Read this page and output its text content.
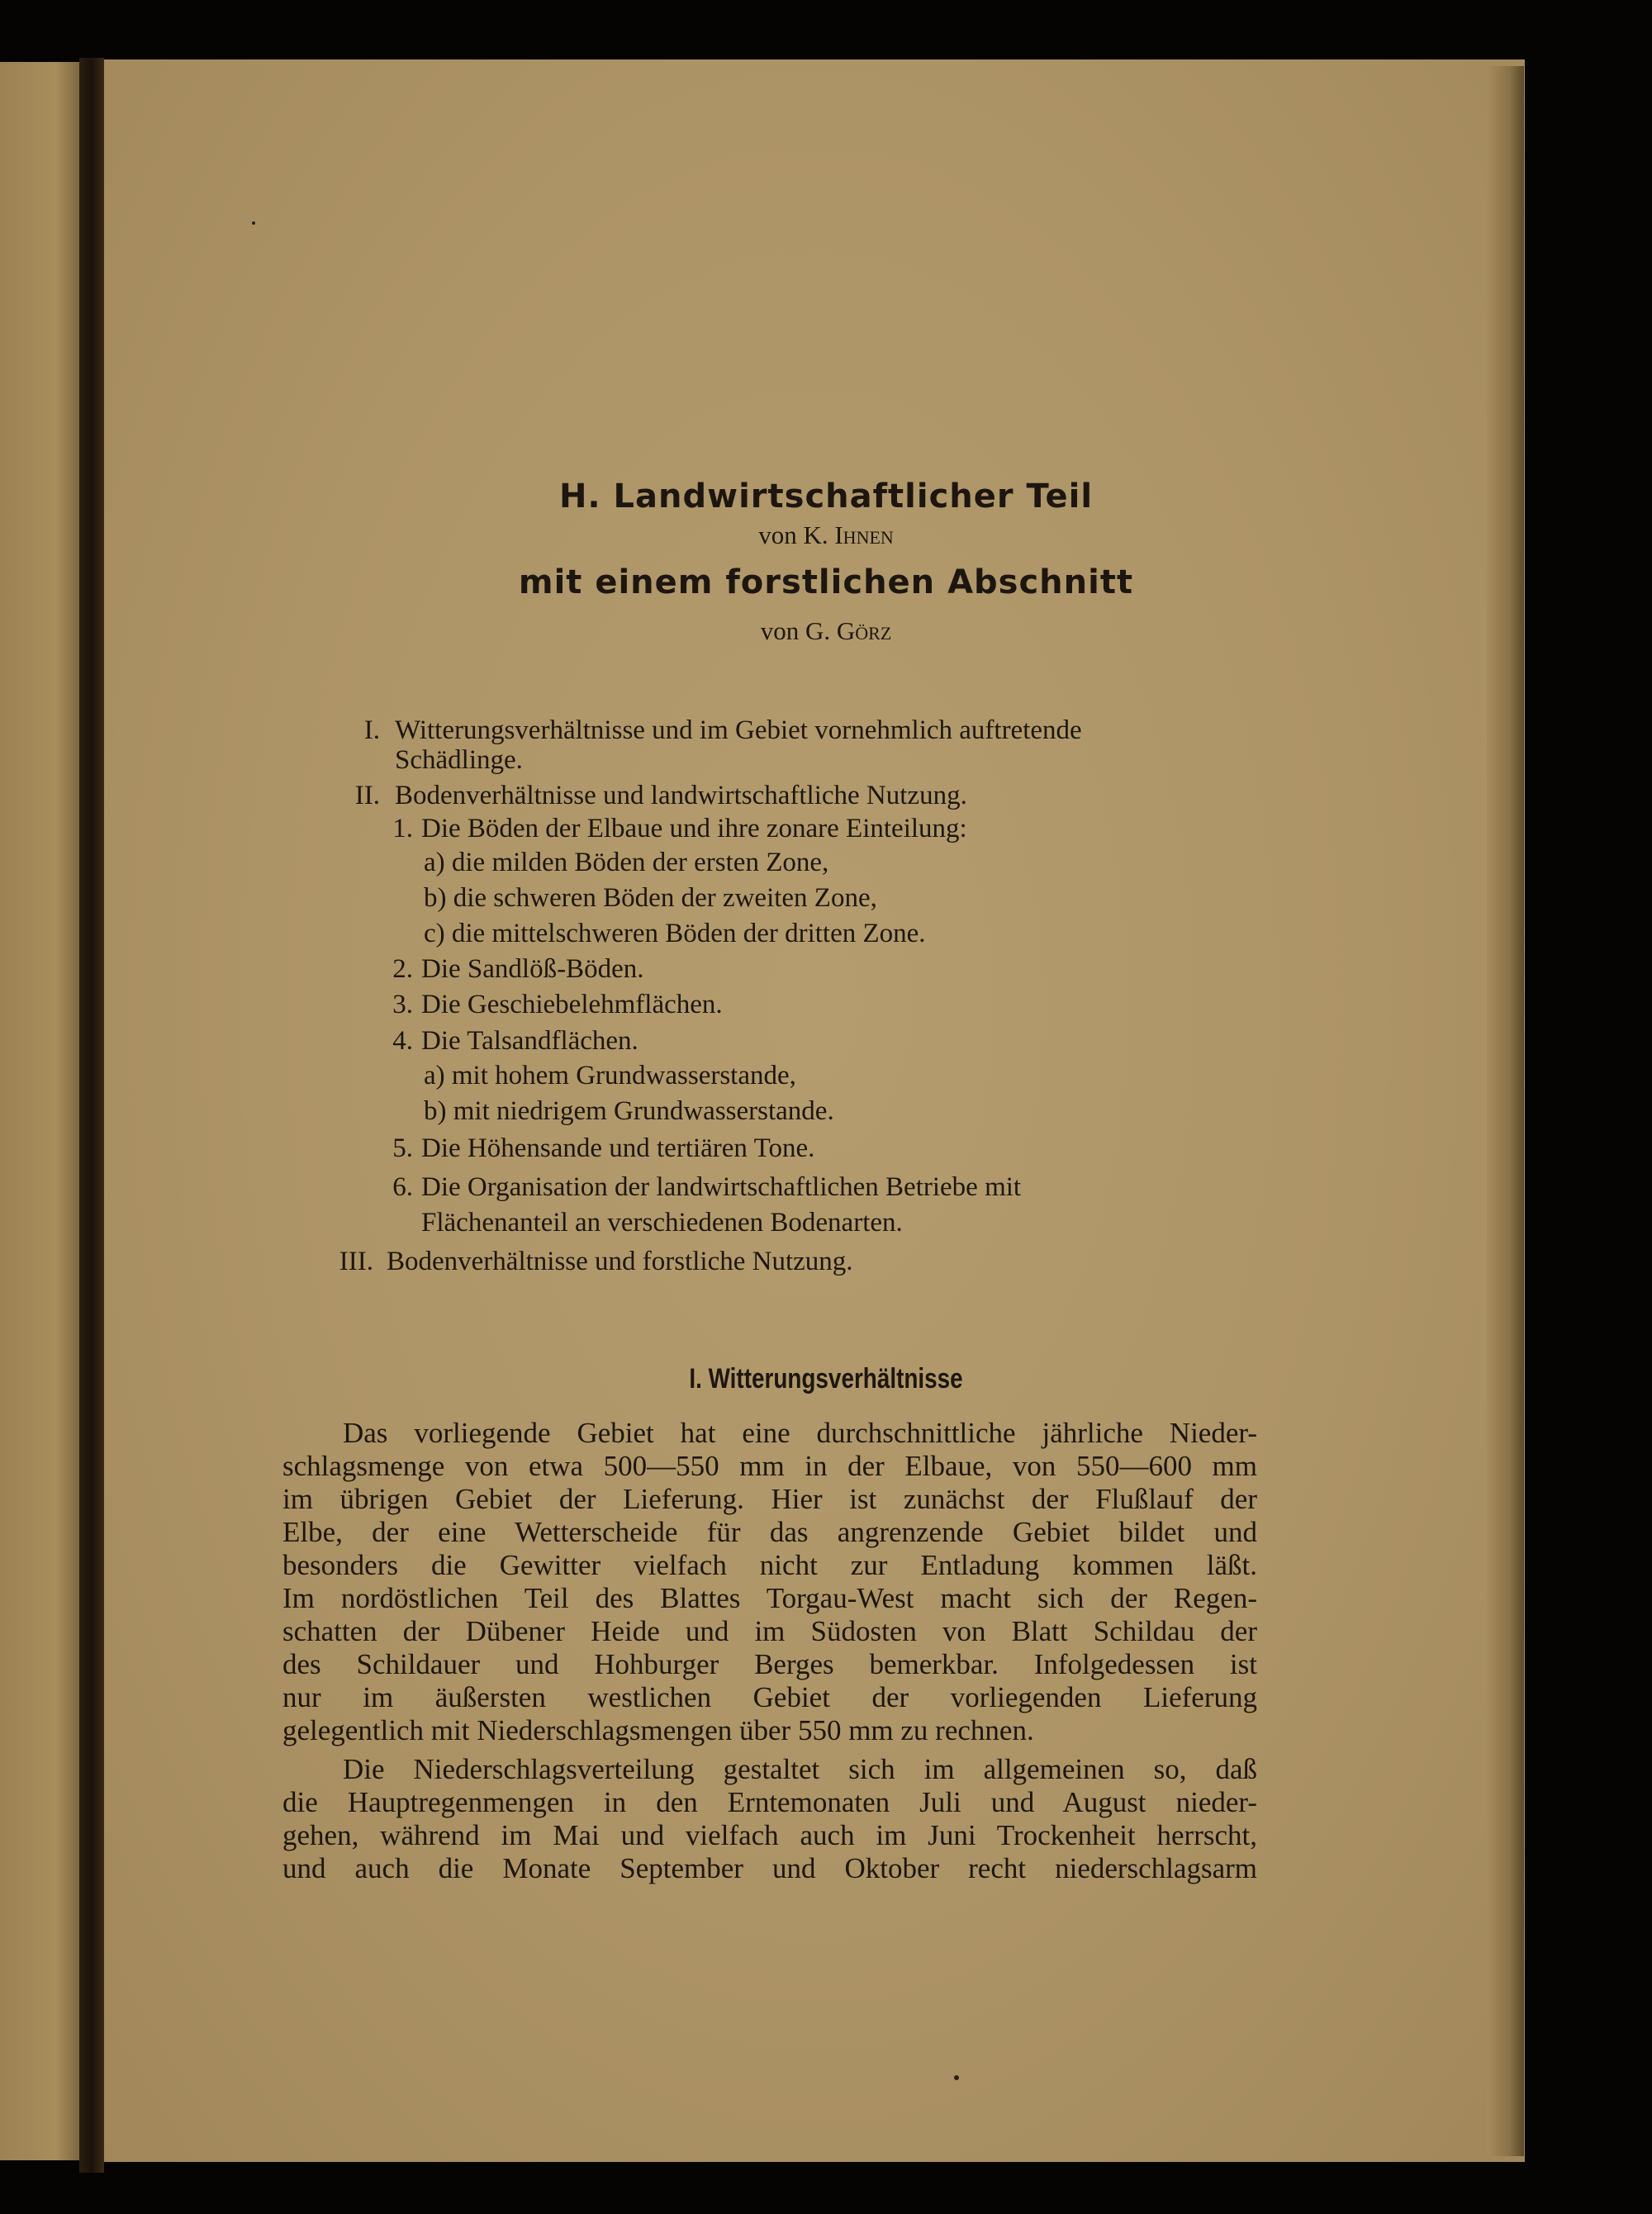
H. Landwirtschaftlicher Teil
von K. Ihnen
mit einem forstlichen Abschnitt
von G. Görz
I. Witterungsverhältnisse und im Gebiet vornehmlich auftretende
Schädlinge.
II. Bodenverhältnisse und landwirtschaftliche Nutzung.
1. Die Böden der Elbaue und ihre zonare Einteilung:
a) die milden Böden der ersten Zone,
b) die schweren Böden der zweiten Zone,
c) die mittelschweren Böden der dritten Zone.
2. Die Sandlöß-Böden.
3. Die Geschiebelehmflächen.
4. Die Talsandflächen.
a) mit hohem Grundwasserstande,
b) mit niedrigem Grundwasserstande.
5. Die Höhensande und tertiären Tone.
6. Die Organisation der landwirtschaftlichen Betriebe mit
Flächenanteil an verschiedenen Bodenarten.
III. Bodenverhältnisse und forstliche Nutzung.
I. Witterungsverhältnisse
Das vorliegende Gebiet hat eine durchschnittliche jährliche Nieder-
schlagsmenge von etwa 500—550 mm in der Elbaue, von 550—600 mm
im übrigen Gebiet der Lieferung. Hier ist zunächst der Flußlauf der
Elbe, der eine Wetterscheide für das angrenzende Gebiet bildet und
besonders die Gewitter vielfach nicht zur Entladung kommen läßt.
Im nordöstlichen Teil des Blattes Torgau-West macht sich der Regen-
schatten der Dübener Heide und im Südosten von Blatt Schildau der
des Schildauer und Hohburger Berges bemerkbar. Infolgedessen ist
nur im äußersten westlichen Gebiet der vorliegenden Lieferung
gelegentlich mit Niederschlagsmengen über 550 mm zu rechnen.
Die Niederschlagsverteilung gestaltet sich im allgemeinen so, daß
die Hauptregenmengen in den Erntemonaten Juli und August nieder-
gehen, während im Mai und vielfach auch im Juni Trockenheit herrscht,
und auch die Monate September und Oktober recht niederschlagsarm
